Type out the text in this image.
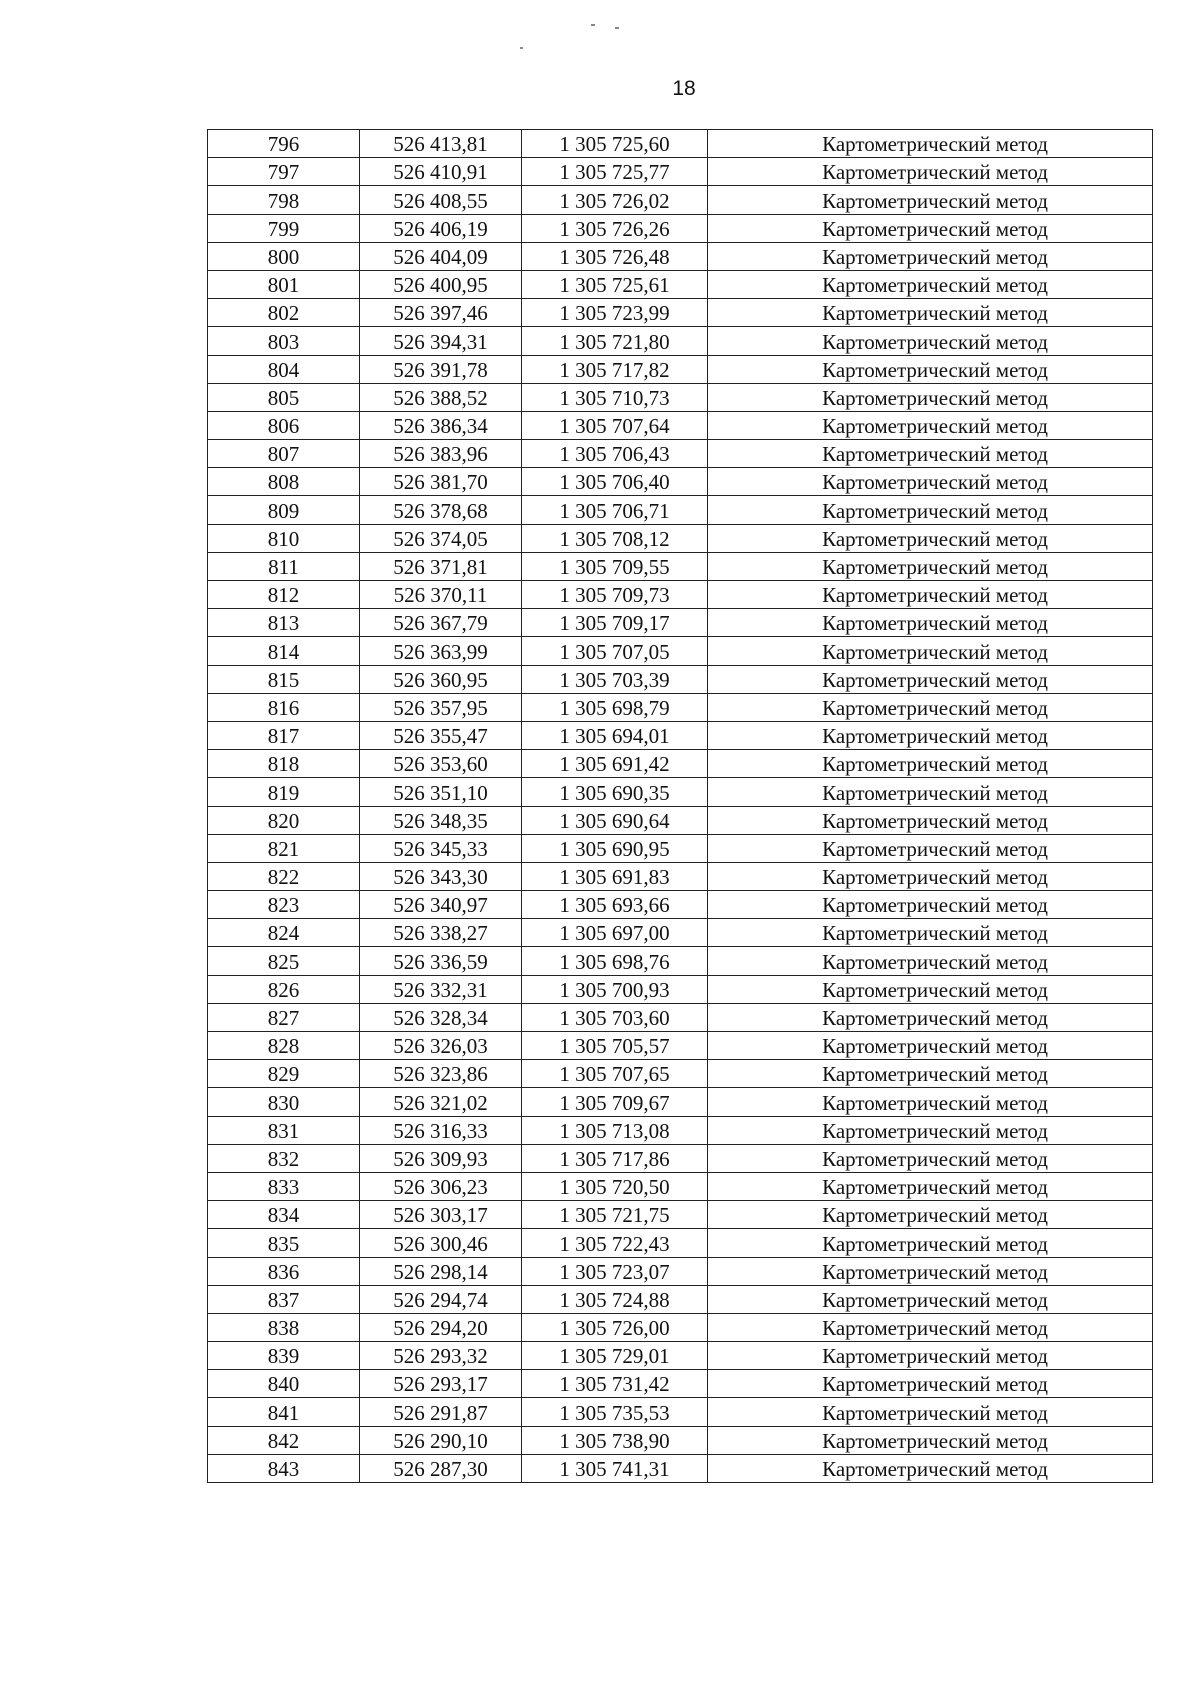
18
796	526 413,81	1 305 725,60	Картометрический метод
797	526 410,91	1 305 725,77	Картометрический метод
798	526 408,55	1 305 726,02	Картометрический метод
799	526 406,19	1 305 726,26	Картометрический метод
800	526 404,09	1 305 726,48	Картометрический метод
801	526 400,95	1 305 725,61	Картометрический метод
802	526 397,46	1 305 723,99	Картометрический метод
803	526 394,31	1 305 721,80	Картометрический метод
804	526 391,78	1 305 717,82	Картометрический метод
805	526 388,52	1 305 710,73	Картометрический метод
806	526 386,34	1 305 707,64	Картометрический метод
807	526 383,96	1 305 706,43	Картометрический метод
808	526 381,70	1 305 706,40	Картометрический метод
809	526 378,68	1 305 706,71	Картометрический метод
810	526 374,05	1 305 708,12	Картометрический метод
811	526 371,81	1 305 709,55	Картометрический метод
812	526 370,11	1 305 709,73	Картометрический метод
813	526 367,79	1 305 709,17	Картометрический метод
814	526 363,99	1 305 707,05	Картометрический метод
815	526 360,95	1 305 703,39	Картометрический метод
816	526 357,95	1 305 698,79	Картометрический метод
817	526 355,47	1 305 694,01	Картометрический метод
818	526 353,60	1 305 691,42	Картометрический метод
819	526 351,10	1 305 690,35	Картометрический метод
820	526 348,35	1 305 690,64	Картометрический метод
821	526 345,33	1 305 690,95	Картометрический метод
822	526 343,30	1 305 691,83	Картометрический метод
823	526 340,97	1 305 693,66	Картометрический метод
824	526 338,27	1 305 697,00	Картометрический метод
825	526 336,59	1 305 698,76	Картометрический метод
826	526 332,31	1 305 700,93	Картометрический метод
827	526 328,34	1 305 703,60	Картометрический метод
828	526 326,03	1 305 705,57	Картометрический метод
829	526 323,86	1 305 707,65	Картометрический метод
830	526 321,02	1 305 709,67	Картометрический метод
831	526 316,33	1 305 713,08	Картометрический метод
832	526 309,93	1 305 717,86	Картометрический метод
833	526 306,23	1 305 720,50	Картометрический метод
834	526 303,17	1 305 721,75	Картометрический метод
835	526 300,46	1 305 722,43	Картометрический метод
836	526 298,14	1 305 723,07	Картометрический метод
837	526 294,74	1 305 724,88	Картометрический метод
838	526 294,20	1 305 726,00	Картометрический метод
839	526 293,32	1 305 729,01	Картометрический метод
840	526 293,17	1 305 731,42	Картометрический метод
841	526 291,87	1 305 735,53	Картометрический метод
842	526 290,10	1 305 738,90	Картометрический метод
843	526 287,30	1 305 741,31	Картометрический метод
